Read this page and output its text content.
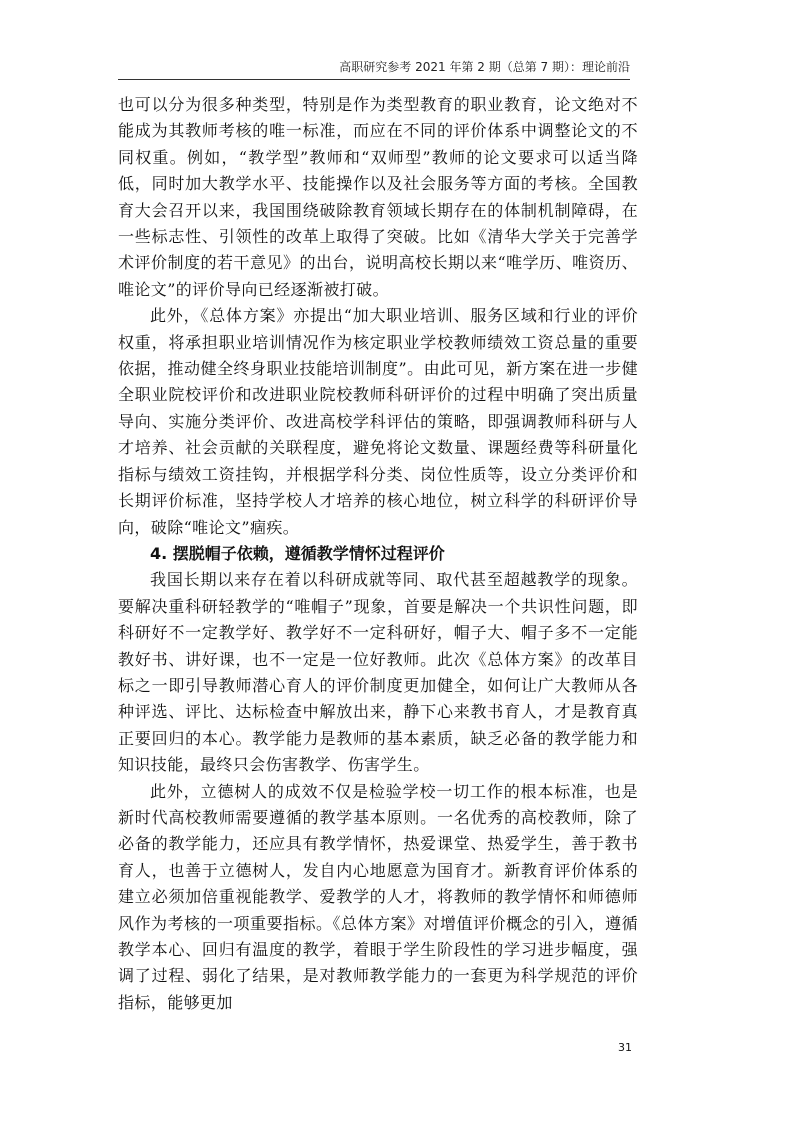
高职研究参考 2021 年第 2 期（总第 7 期）：理论前沿

也可以分为很多种类型，特别是作为类型教育的职业教育，论文绝对不能成为其教师考核的唯一标准，而应在不同的评价体系中调整论文的不同权重。例如，“教学型”教师和“双师型”教师的论文要求可以适当降低，同时加大教学水平、技能操作以及社会服务等方面的考核。全国教育大会召开以来，我国围绕破除教育领域长期存在的体制机制障碍，在一些标志性、引领性的改革上取得了突破。比如《清华大学关于完善学术评价制度的若干意见》的出台，说明高校长期以来“唯学历、唯资历、唯论文”的评价导向已经逐渐被打破。

此外，《总体方案》亦提出“加大职业培训、服务区域和行业的评价权重，将承担职业培训情况作为核定职业学校教师绩效工资总量的重要依据，推动健全终身职业技能培训制度”。由此可见，新方案在进一步健全职业院校评价和改进职业院校教师科研评价的过程中明确了突出质量导向、实施分类评价、改进高校学科评估的策略，即强调教师科研与人才培养、社会贡献的关联程度，避免将论文数量、课题经费等科研量化指标与绩效工资挂钩，并根据学科分类、岗位性质等，设立分类评价和长期评价标准，坚持学校人才培养的核心地位，树立科学的科研评价导向，破除“唯论文”痼疾。

4. 摆脱帽子依赖，遵循教学情怀过程评价

我国长期以来存在着以科研成就等同、取代甚至超越教学的现象。要解决重科研轻教学的“唯帽子”现象，首要是解决一个共识性问题，即科研好不一定教学好、教学好不一定科研好，帽子大、帽子多不一定能教好书、讲好课，也不一定是一位好教师。此次《总体方案》的改革目标之一即引导教师潜心育人的评价制度更加健全，如何让广大教师从各种评选、评比、达标检查中解放出来，静下心来教书育人，才是教育真正要回归的本心。教学能力是教师的基本素质，缺乏必备的教学能力和知识技能，最终只会伤害教学、伤害学生。

此外，立德树人的成效不仅是检验学校一切工作的根本标准，也是新时代高校教师需要遵循的教学基本原则。一名优秀的高校教师，除了必备的教学能力，还应具有教学情怀，热爱课堂、热爱学生，善于教书育人，也善于立德树人，发自内心地愿意为国育才。新教育评价体系的建立必须加倍重视能教学、爱教学的人才，将教师的教学情怀和师德师风作为考核的一项重要指标。《总体方案》对增值评价概念的引入，遵循教学本心、回归有温度的教学，着眼于学生阶段性的学习进步幅度，强调了过程、弱化了结果，是对教师教学能力的一套更为科学规范的评价指标，能够更加

31
